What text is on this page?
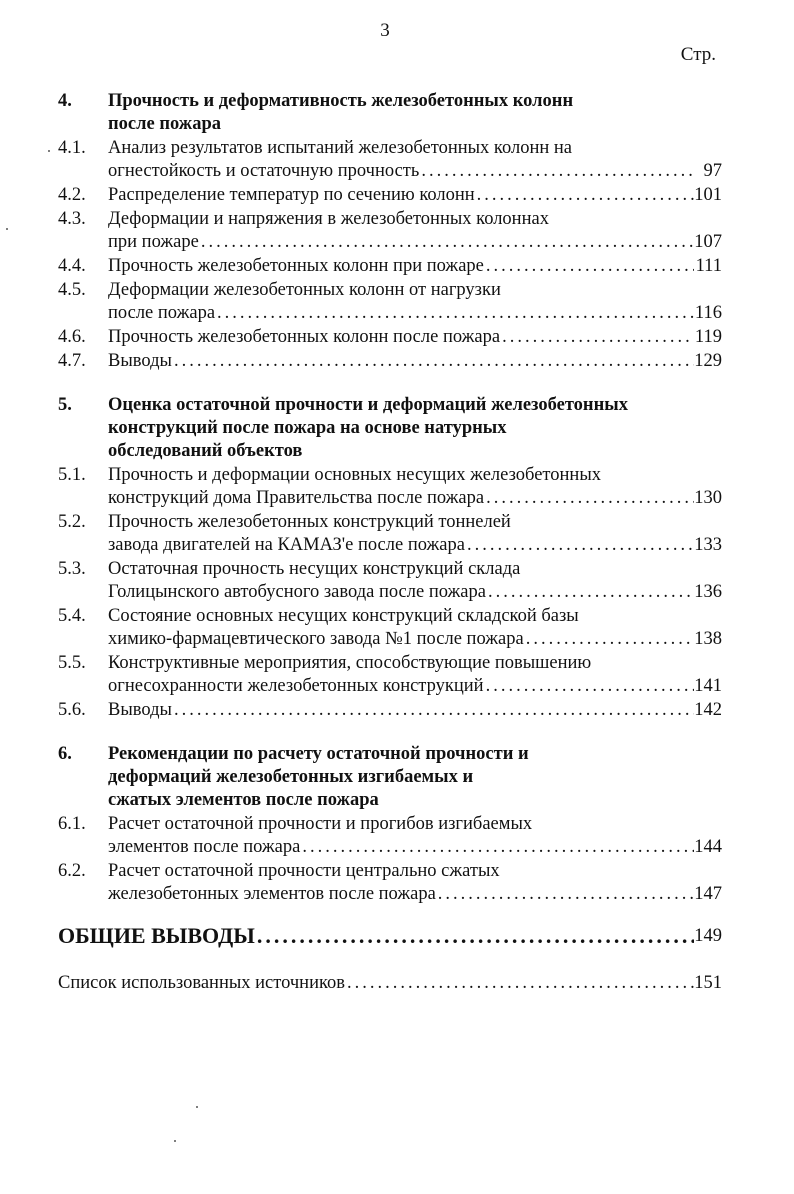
3
Стр.
4. Прочность и деформативность железобетонных колонн
после пожара
4.1. Анализ результатов испытаний железобетонных колонн на
огнестойкость и остаточную прочность .....	97
4.2. Распределение температур по сечению колонн .....	101
4.3. Деформации и напряжения в железобетонных колоннах
при пожаре .....	107
4.4. Прочность железобетонных колонн при пожаре .....	111
4.5. Деформации железобетонных колонн от нагрузки
после пожара .....	116
4.6. Прочность железобетонных колонн после пожара .....	119
4.7. Выводы .....	129
5. Оценка остаточной прочности и деформаций железобетонных
конструкций после пожара на основе натурных
обследований объектов
5.1. Прочность и деформации основных несущих железобетонных
конструкций дома Правительства после пожара .....	130
5.2. Прочность железобетонных конструкций тоннелей
завода двигателей на КАМАЗ'е после пожара .....	133
5.3. Остаточная прочность несущих конструкций склада
Голицынского автобусного завода после пожара .....	136
5.4. Состояние основных несущих конструкций складской базы
химико-фармацевтического завода №1 после пожара .....	138
5.5. Конструктивные мероприятия, способствующие повышению
огнесохранности железобетонных конструкций .....	141
5.6. Выводы .....	142
6. Рекомендации по расчету остаточной прочности и
деформаций железобетонных изгибаемых и
сжатых элементов после пожара
6.1. Расчет остаточной прочности и прогибов изгибаемых
элементов после пожара .....	144
6.2. Расчет остаточной прочности центрально сжатых
железобетонных элементов после пожара .....	147
ОБЩИЕ ВЫВОДЫ .....	149
Список использованных источников .....	151
